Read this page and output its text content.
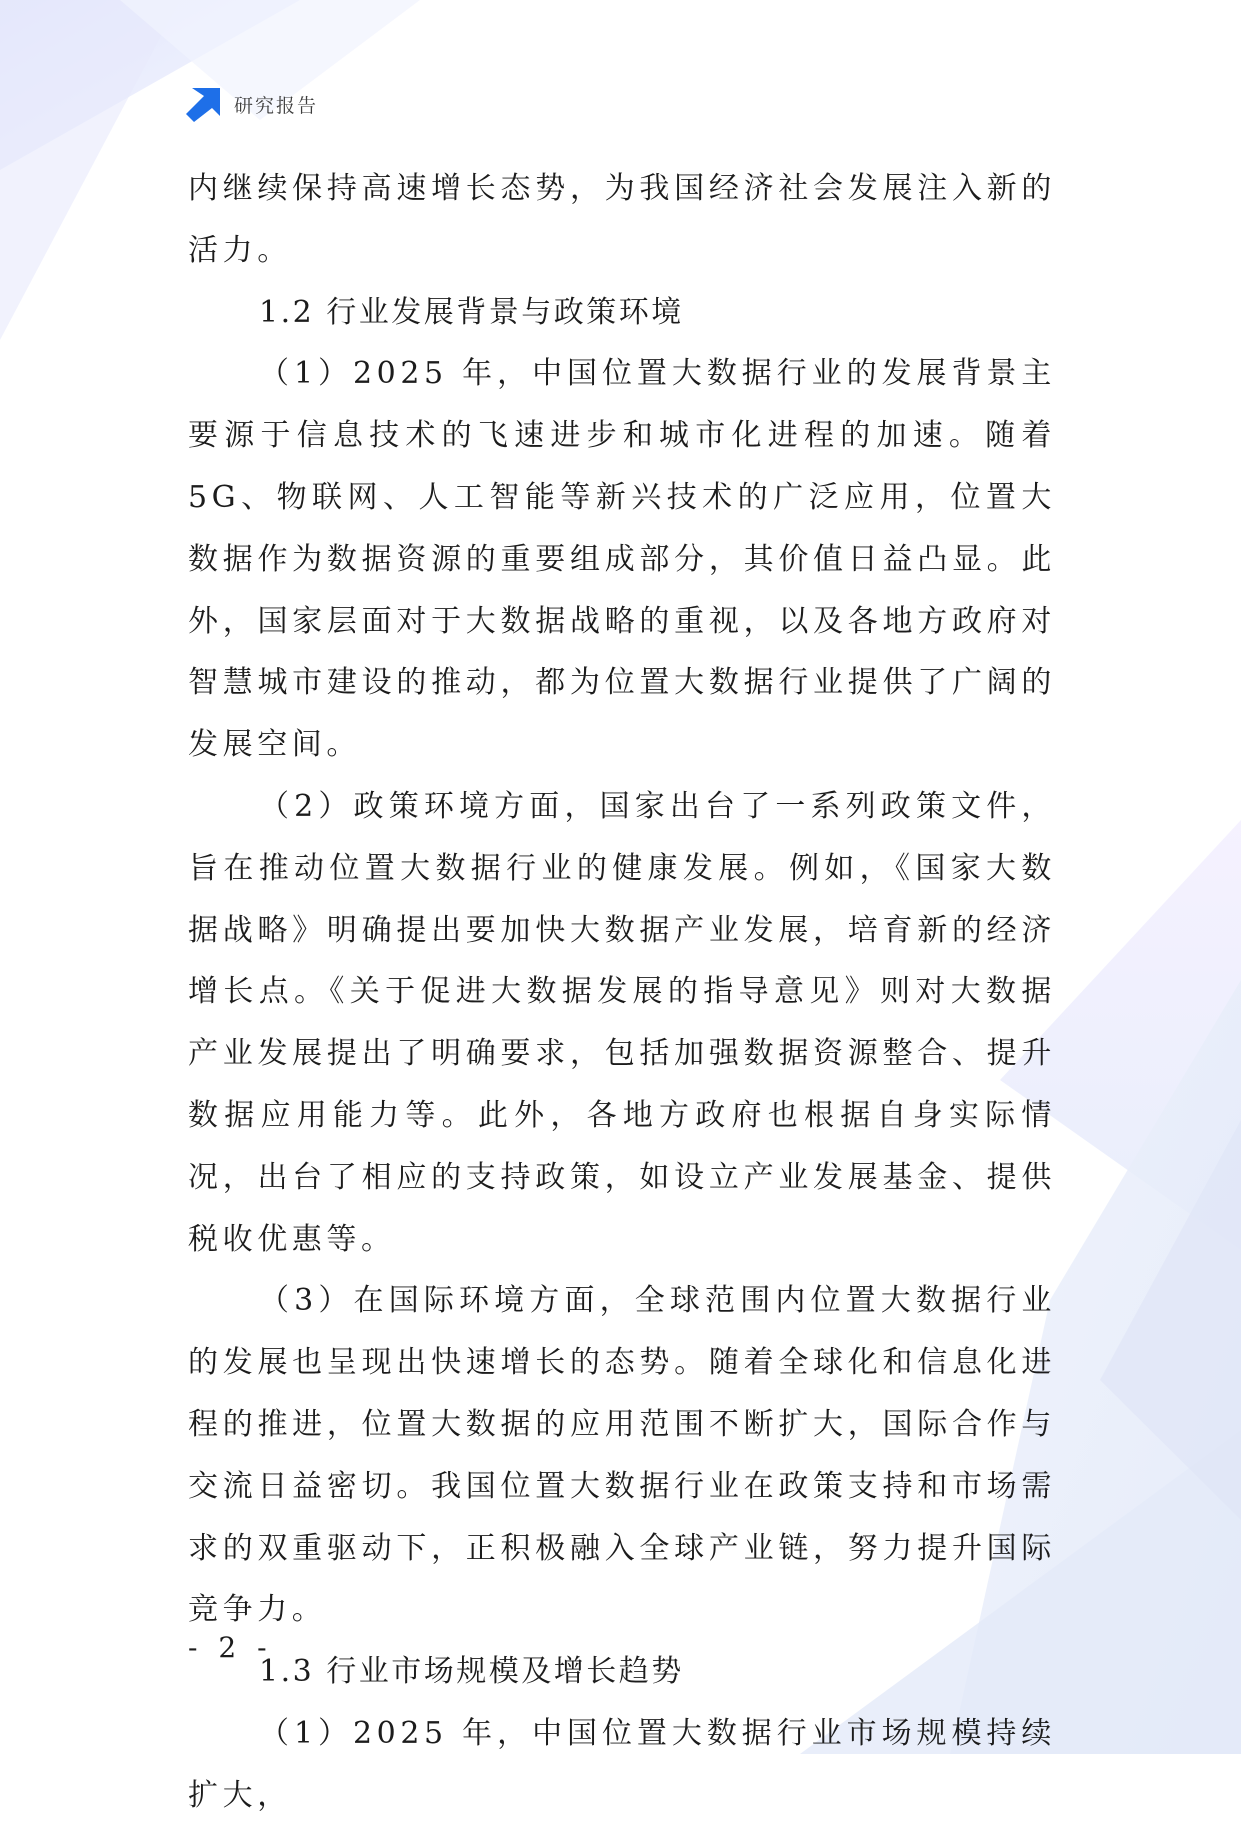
研究报告

内继续保持高速增长态势，为我国经济社会发展注入新的活力。

1.2 行业发展背景与政策环境

（1）2025 年，中国位置大数据行业的发展背景主要源于信息技术的飞速进步和城市化进程的加速。随着 5G、物联网、人工智能等新兴技术的广泛应用，位置大数据作为数据资源的重要组成部分，其价值日益凸显。此外，国家层面对于大数据战略的重视，以及各地方政府对智慧城市建设的推动，都为位置大数据行业提供了广阔的发展空间。

（2）政策环境方面，国家出台了一系列政策文件，旨在推动位置大数据行业的健康发展。例如，《国家大数据战略》明确提出要加快大数据产业发展，培育新的经济增长点。《关于促进大数据发展的指导意见》则对大数据产业发展提出了明确要求，包括加强数据资源整合、提升数据应用能力等。此外，各地方政府也根据自身实际情况，出台了相应的支持政策，如设立产业发展基金、提供税收优惠等。

（3）在国际环境方面，全球范围内位置大数据行业的发展也呈现出快速增长的态势。随着全球化和信息化进程的推进，位置大数据的应用范围不断扩大，国际合作与交流日益密切。我国位置大数据行业在政策支持和市场需求的双重驱动下，正积极融入全球产业链，努力提升国际竞争力。

1.3 行业市场规模及增长趋势

（1）2025 年，中国位置大数据行业市场规模持续扩大，

- 2 -
